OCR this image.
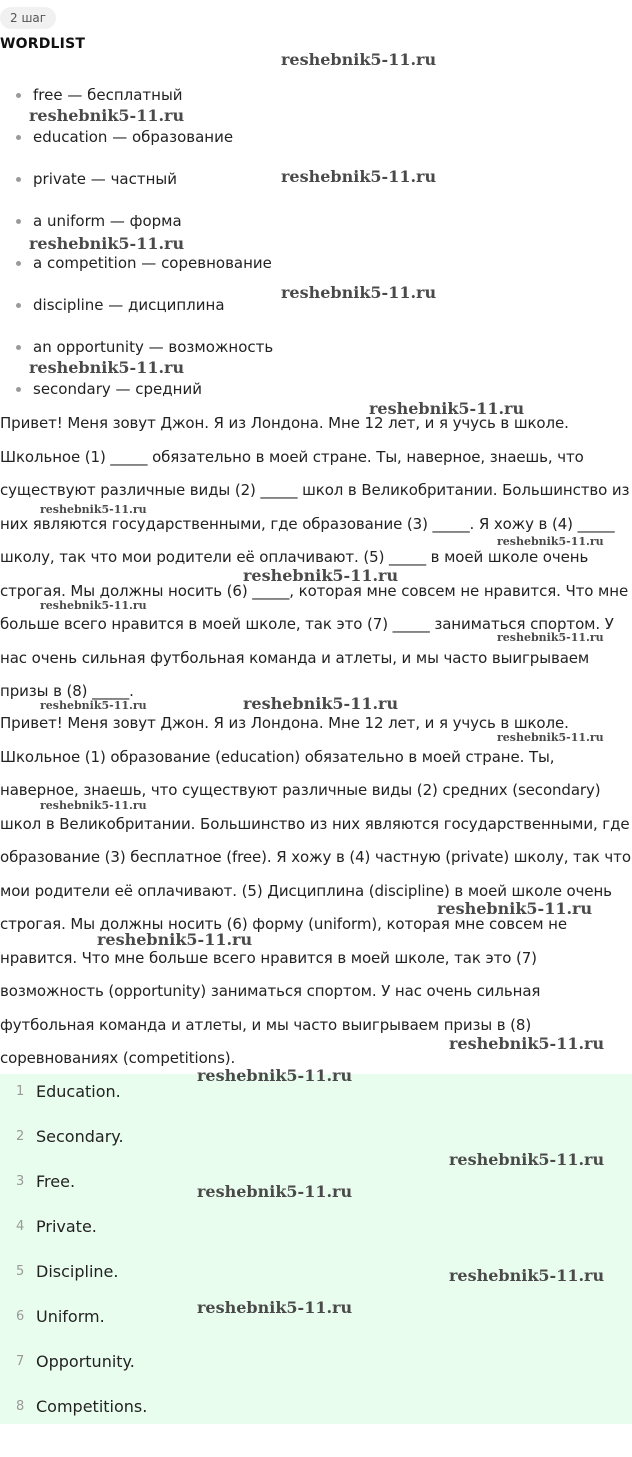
2 шаг
WORDLIST
free — бесплатный
education — образование
private — частный
a uniform — форма
a competition — соревнование
discipline — дисциплина
an opportunity — возможность
secondary — средний

Привет! Меня зовут Джон. Я из Лондона. Мне 12 лет, и я учусь в школе. Школьное (1) _____ обязательно в моей стране. Ты, наверное, знаешь, что существуют различные виды (2) _____ школ в Великобритании. Большинство из них являются государственными, где образование (3) _____. Я хожу в (4) _____ школу, так что мои родители её оплачивают. (5) _____ в моей школе очень строгая. Мы должны носить (6) _____, которая мне совсем не нравится. Что мне больше всего нравится в моей школе, так это (7) _____ заниматься спортом. У нас очень сильная футбольная команда и атлеты, и мы часто выигрываем призы в (8) _____.

Привет! Меня зовут Джон. Я из Лондона. Мне 12 лет, и я учусь в школе. Школьное (1) образование (education) обязательно в моей стране. Ты, наверное, знаешь, что существуют различные виды (2) средних (secondary) школ в Великобритании. Большинство из них являются государственными, где образование (3) бесплатное (free). Я хожу в (4) частную (private) школу, так что мои родители её оплачивают. (5) Дисциплина (discipline) в моей школе очень строгая. Мы должны носить (6) форму (uniform), которая мне совсем не нравится. Что мне больше всего нравится в моей школе, так это (7) возможность (opportunity) заниматься спортом. У нас очень сильная футбольная команда и атлеты, и мы часто выигрываем призы в (8) соревнованиях (competitions).

1 Education.
2 Secondary.
3 Free.
4 Private.
5 Discipline.
6 Uniform.
7 Opportunity.
8 Competitions.
reshebnik5-11.ru
reshebnik5-11.ru
reshebnik5-11.ru
reshebnik5-11.ru
reshebnik5-11.ru
reshebnik5-11.ru
reshebnik5-11.ru
reshebnik5-11.ru
reshebnik5-11.ru
reshebnik5-11.ru
reshebnik5-11.ru
reshebnik5-11.ru
reshebnik5-11.ru	reshebnik5-11.ru
reshebnik5-11.ru
reshebnik5-11.ru
reshebnik5-11.ru
reshebnik5-11.ru
reshebnik5-11.ru
reshebnik5-11.ru
reshebnik5-11.ru
reshebnik5-11.ru
reshebnik5-11.ru
reshebnik5-11.ru
